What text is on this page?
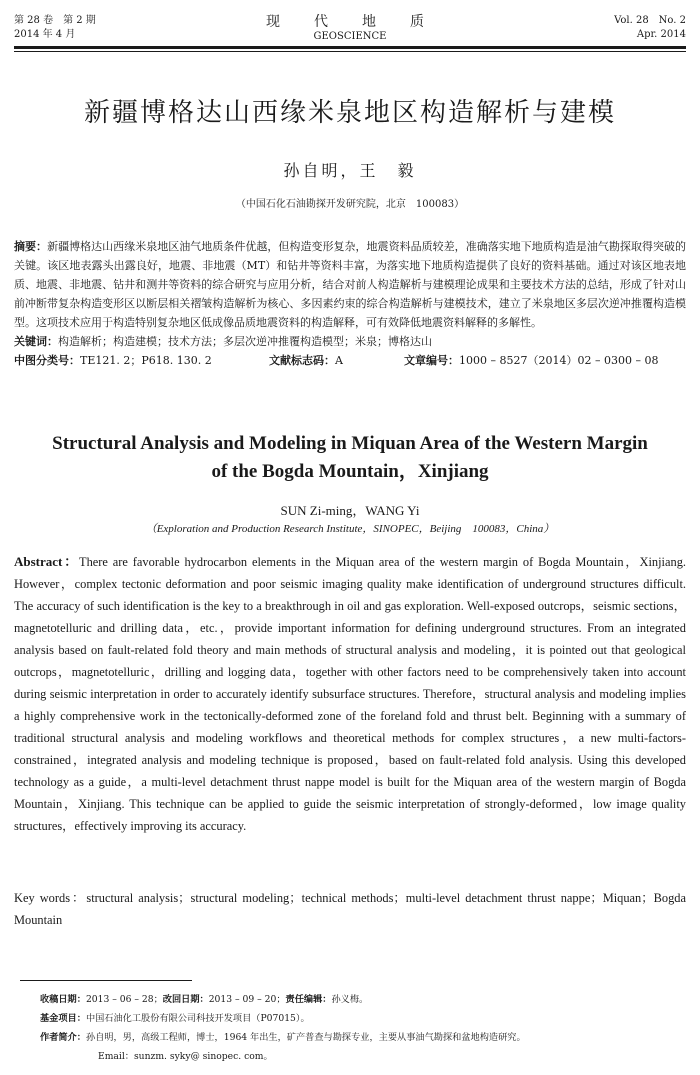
第 28 卷　第 2 期
2014 年 4 月
现　代　地　质
GEOSCIENCE
Vol. 28　No. 2
Apr. 2014
新疆博格达山西缘米泉地区构造解析与建模
孙自明，王　毅
（中国石化石油勘探开发研究院，北京　100083）
摘要：新疆博格达山西缘米泉地区油气地质条件优越，但构造变形复杂，地震资料品质较差，准确落实地下地质构造是油气勘探取得突破的关键。该区地表露头出露良好，地震、非地震（MT）和钻井等资料丰富，为落实地下地质构造提供了良好的资料基础。通过对该区地表地质、地震、非地震、钻井和测井等资料的综合研究与应用分析，结合对前人构造解析与建模理论成果和主要技术方法的总结，形成了针对山前冲断带复杂构造变形区以断层相关褶皱构造解析为核心、多因素约束的综合构造解析与建模技术，建立了米泉地区多层次逆冲推覆构造模型。这项技术应用于构造特别复杂地区低成像品质地震资料的构造解释，可有效降低地震资料解释的多解性。
关键词：构造解析；构造建模；技术方法；多层次逆冲推覆构造模型；米泉；博格达山
中图分类号：TE121. 2；P618. 130. 2	文献标志码：A	文章编号：1000 – 8527（2014）02 – 0300 – 08
Structural Analysis and Modeling in Miquan Area of the Western Margin
of the Bogda Mountain，Xinjiang
SUN Zi-ming，WANG Yi
（Exploration and Production Research Institute，SINOPEC，Beijing　100083，China）
Abstract：There are favorable hydrocarbon elements in the Miquan area of the western margin of Bogda Mountain，Xinjiang. However，complex tectonic deformation and poor seismic imaging quality make identification of underground structures difficult. The accuracy of such identification is the key to a breakthrough in oil and gas exploration. Well-exposed outcrops，seismic sections，magnetotelluric and drilling data，etc.，provide important information for defining underground structures. From an integrated analysis based on fault-related fold theory and main methods of structural analysis and modeling，it is pointed out that geological outcrops，magnetotelluric，drilling and logging data，together with other factors need to be comprehensively taken into account during seismic interpretation in order to accurately identify subsurface structures. Therefore，structural analysis and modeling implies a highly comprehensive work in the tectonically-deformed zone of the foreland fold and thrust belt. Beginning with a summary of traditional structural analysis and modeling workflows and theoretical methods for complex structures，a new multi-factors-constrained，integrated analysis and modeling technique is proposed，based on fault-related fold analysis. Using this developed technology as a guide，a multi-level detachment thrust nappe model is built for the Miquan area of the western margin of Bogda Mountain，Xinjiang. This technique can be applied to guide the seismic interpretation of strongly-deformed，low image quality structures，effectively improving its accuracy.
Key words：structural analysis；structural modeling；technical methods；multi-level detachment thrust nappe；Miquan；Bogda Mountain
收稿日期：2013 – 06 – 28；改回日期：2013 – 09 – 20；责任编辑：孙义梅。
基金项目：中国石油化工股份有限公司科技开发项目（P07015）。
作者简介：孙自明，男，高级工程师，博士，1964 年出生，矿产普查与勘探专业，主要从事油气勘探和盆地构造研究。
Email：sunzm. syky@ sinopec. com。
